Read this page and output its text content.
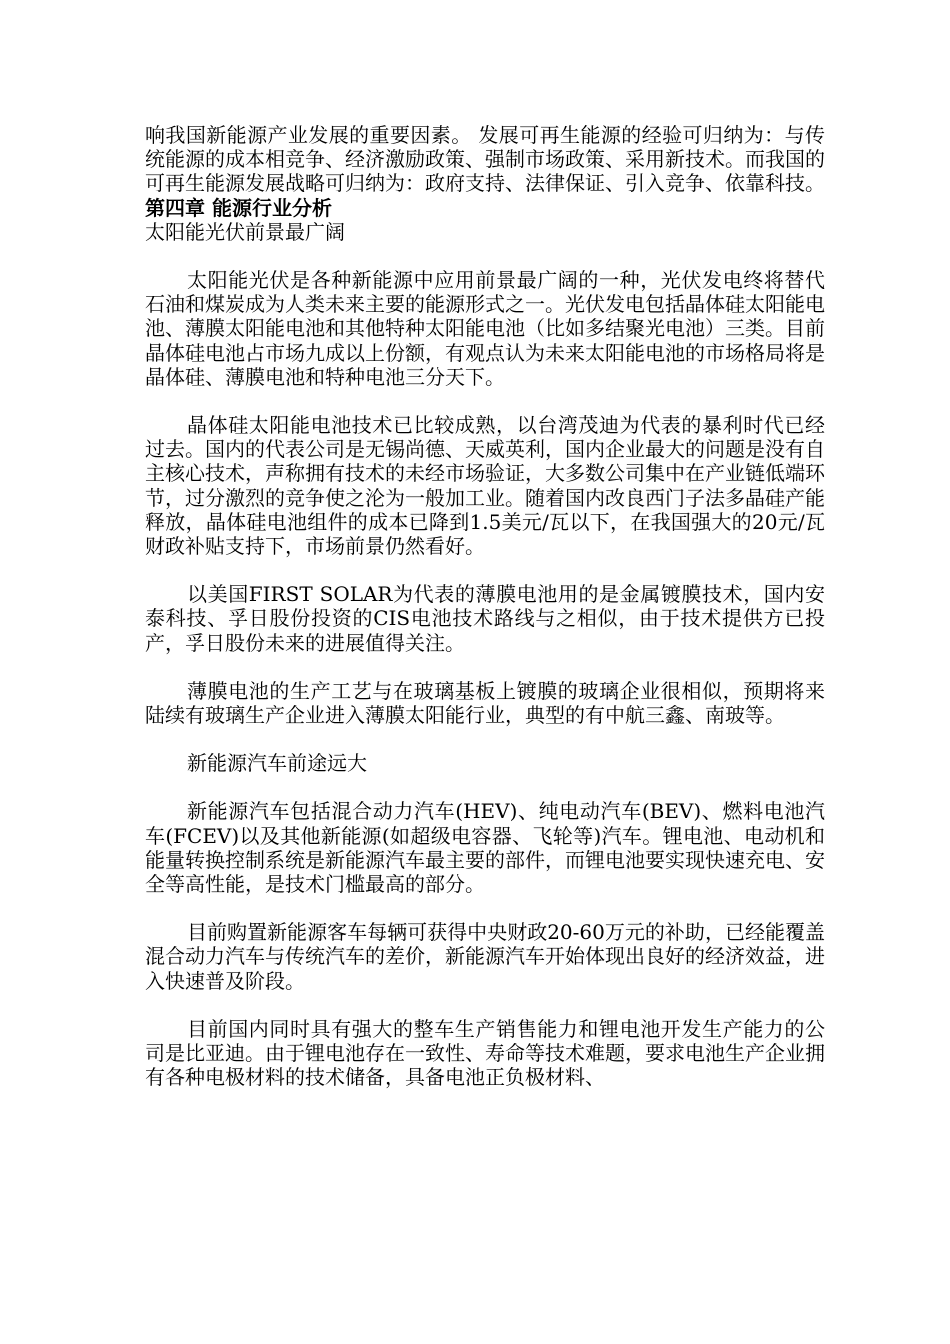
响我国新能源产业发展的重要因素。 发展可再生能源的经验可归纳为：与传统能源的成本相竞争、经济激励政策、强制市场政策、采用新技术。而我国的可再生能源发展战略可归纳为：政府支持、法律保证、引入竞争、依靠科技。

第四章 能源行业分析

太阳能光伏前景最广阔

太阳能光伏是各种新能源中应用前景最广阔的一种，光伏发电终将替代石油和煤炭成为人类未来主要的能源形式之一。光伏发电包括晶体硅太阳能电池、薄膜太阳能电池和其他特种太阳能电池（比如多结聚光电池）三类。目前晶体硅电池占市场九成以上份额，有观点认为未来太阳能电池的市场格局将是晶体硅、薄膜电池和特种电池三分天下。

晶体硅太阳能电池技术已比较成熟，以台湾茂迪为代表的暴利时代已经过去。国内的代表公司是无锡尚德、天威英利，国内企业最大的问题是没有自主核心技术，声称拥有技术的未经市场验证，大多数公司集中在产业链低端环节，过分激烈的竞争使之沦为一般加工业。随着国内改良西门子法多晶硅产能释放，晶体硅电池组件的成本已降到1.5美元/瓦以下，在我国强大的20元/瓦财政补贴支持下，市场前景仍然看好。

以美国FIRST SOLAR为代表的薄膜电池用的是金属镀膜技术，国内安泰科技、孚日股份投资的CIS电池技术路线与之相似，由于技术提供方已投产，孚日股份未来的进展值得关注。

薄膜电池的生产工艺与在玻璃基板上镀膜的玻璃企业很相似，预期将来陆续有玻璃生产企业进入薄膜太阳能行业，典型的有中航三鑫、南玻等。

新能源汽车前途远大

新能源汽车包括混合动力汽车(HEV)、纯电动汽车(BEV)、燃料电池汽车(FCEV)以及其他新能源(如超级电容器、飞轮等)汽车。锂电池、电动机和能量转换控制系统是新能源汽车最主要的部件，而锂电池要实现快速充电、安全等高性能，是技术门槛最高的部分。

目前购置新能源客车每辆可获得中央财政20-60万元的补助，已经能覆盖混合动力汽车与传统汽车的差价，新能源汽车开始体现出良好的经济效益，进入快速普及阶段。

目前国内同时具有强大的整车生产销售能力和锂电池开发生产能力的公司是比亚迪。由于锂电池存在一致性、寿命等技术难题，要求电池生产企业拥有各种电极材料的技术储备，具备电池正负极材料、
